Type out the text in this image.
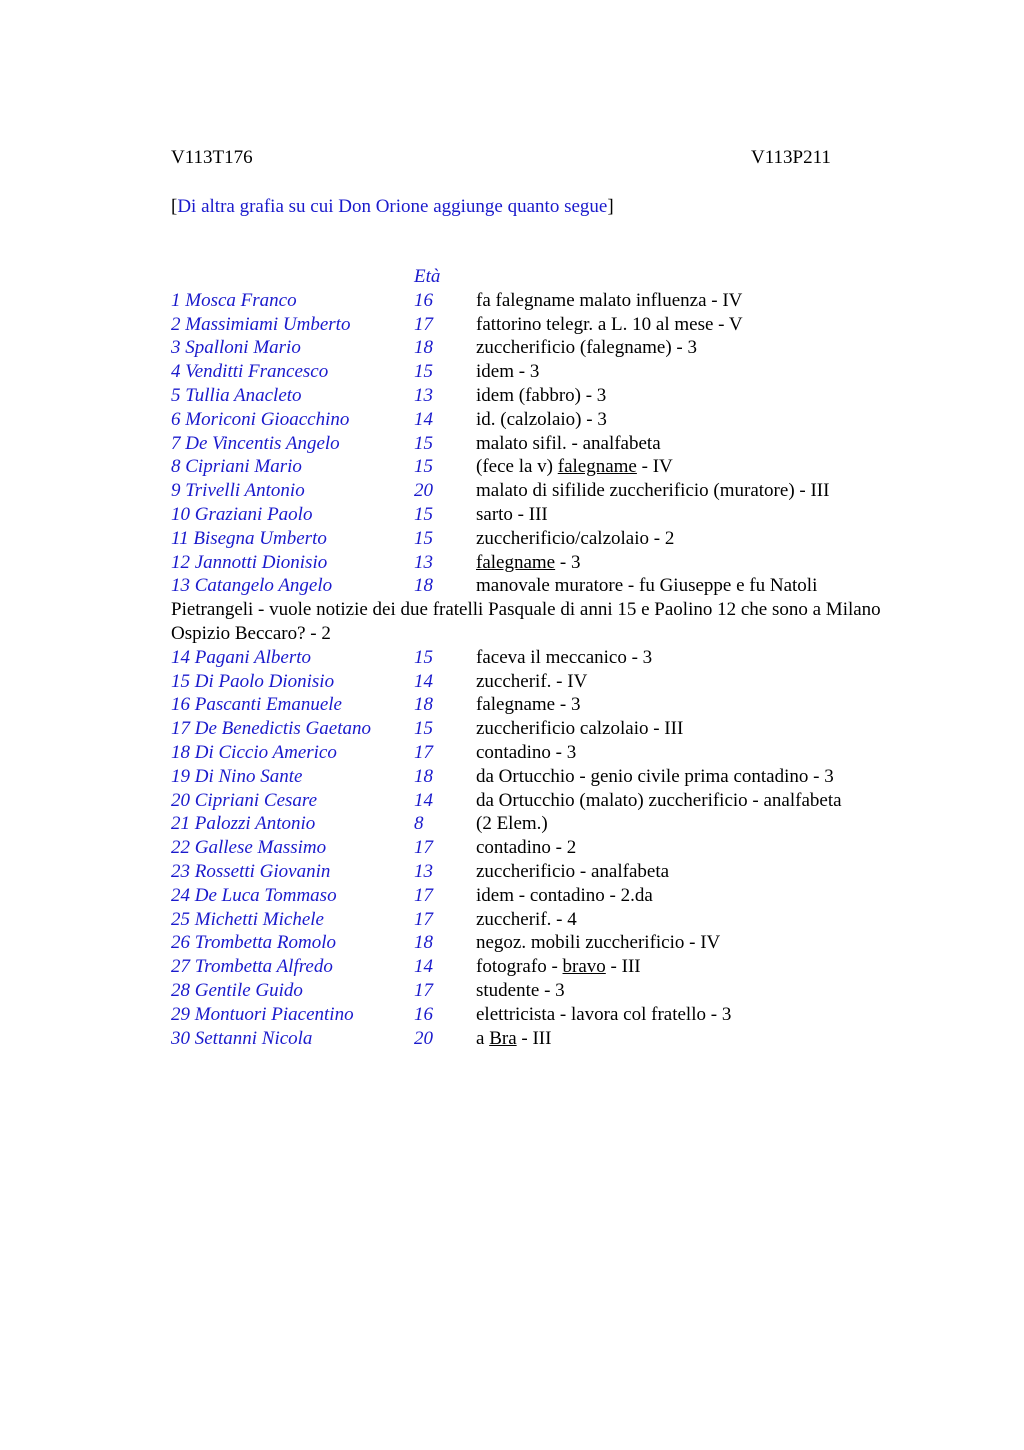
V113T176	V113P211
[Di altra grafia su cui Don Orione aggiunge quanto segue]
Età
1 Mosca Franco	16 fa falegname malato influenza - IV
2 Massimiami Umberto	17 fattorino telegr. a L. 10 al mese - V
3 Spalloni Mario	18 zuccherificio (falegname) - 3
4 Venditti Francesco	15 idem - 3
5 Tullia Anacleto	13 idem (fabbro) - 3
6 Moriconi Gioacchino	14 id. (calzolaio) - 3
7 De Vincentis Angelo	15 malato sifil. - analfabeta
8 Cipriani Mario	15 (fece la v) falegname - IV
9 Trivelli Antonio	20 malato di sifilide zuccherificio (muratore) - III
10 Graziani Paolo	15 sarto - III
11 Bisegna Umberto	15 zuccherificio/calzolaio - 2
12 Jannotti Dionisio	13 falegname - 3
13 Catangelo Angelo	18 manovale muratore - fu Giuseppe e fu Natoli
Pietrangeli - vuole notizie dei due fratelli Pasquale di anni 15 e Paolino 12 che sono a Milano Ospizio Beccaro? - 2
14 Pagani Alberto	15 faceva il meccanico - 3
15 Di Paolo Dionisio	14 zuccherif. - IV
16 Pascanti Emanuele	18 falegname - 3
17 De Benedictis Gaetano 15 zuccherificio calzolaio - III
18 Di Ciccio Americo	17 contadino - 3
19 Di Nino Sante	18 da Ortucchio - genio civile prima contadino - 3
20 Cipriani Cesare	14 da Ortucchio (malato) zuccherificio - analfabeta
21 Palozzi Antonio	8	(2 Elem.)
22 Gallese Massimo	17 contadino - 2
23 Rossetti Giovanin	13 zuccherificio - analfabeta
24 De Luca Tommaso	17 idem - contadino - 2.da
25 Michetti Michele	17 zuccherif. - 4
26 Trombetta Romolo	18 negoz. mobili zuccherificio - IV
27 Trombetta Alfredo	14 fotografo - bravo - III
28 Gentile Guido	17 studente - 3
29 Montuori Piacentino	16 elettricista - lavora col fratello - 3
30 Settanni Nicola	20 a Bra - III
